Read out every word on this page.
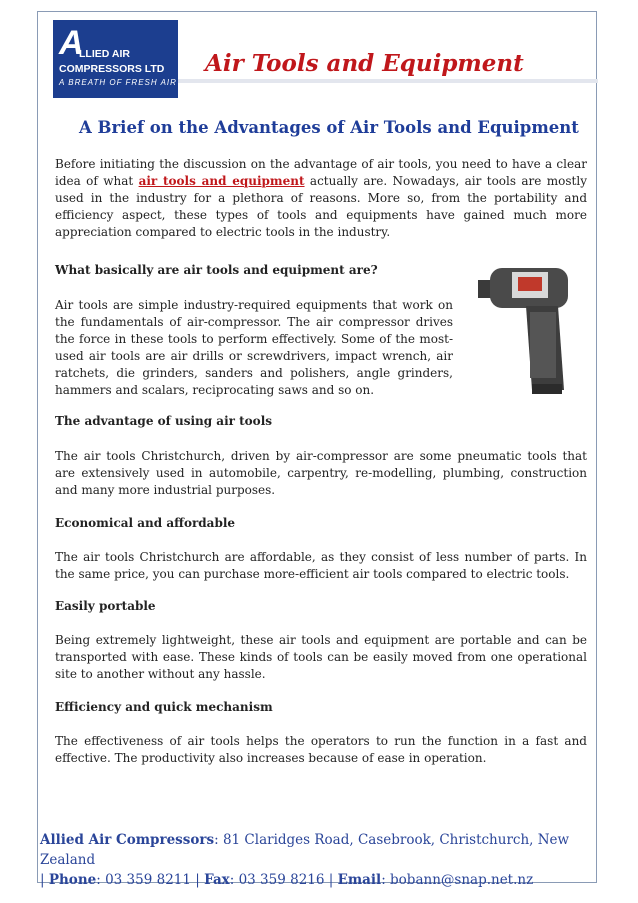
A
LLIED AIR
COMPRESSORS LTD
A BREATH OF FRESH AIR
Air Tools and Equipment
A Brief on the Advantages of Air Tools and Equipment

Before initiating the discussion on the advantage of air tools, you need to have a clear idea of what air tools and equipment actually are. Nowadays, air tools are mostly used in the industry for a plethora of reasons. More so, from the portability and efficiency aspect, these types of tools and equipments have gained much more appreciation compared to electric tools in the industry.

What basically are air tools and equipment are?

Air tools are simple industry-required equipments that work on the fundamentals of air-compressor. The air compressor drives the force in these tools to perform effectively. Some of the most-used air tools are air drills or screwdrivers, impact wrench, air ratchets, die grinders, sanders and polishers, angle grinders, hammers and scalars, reciprocating saws and so on.

The advantage of using air tools

The air tools Christchurch, driven by air-compressor are some pneumatic tools that are extensively used in automobile, carpentry, re-modelling, plumbing, construction and many more industrial purposes.

Economical and affordable

The air tools Christchurch are affordable, as they consist of less number of parts. In the same price, you can purchase more-efficient air tools compared to electric tools.

Easily portable

Being extremely lightweight, these air tools and equipment are portable and can be transported with ease. These kinds of tools can be easily moved from one operational site to another without any hassle.

Efficiency and quick mechanism

The effectiveness of air tools helps the operators to run the function in a fast and effective. The productivity also increases because of ease in operation.

Allied Air Compressors: 81 Claridges Road, Casebrook, Christchurch, New Zealand
| Phone: 03 359 8211 | Fax: 03 359 8216 | Email: bobann@snap.net.nz
